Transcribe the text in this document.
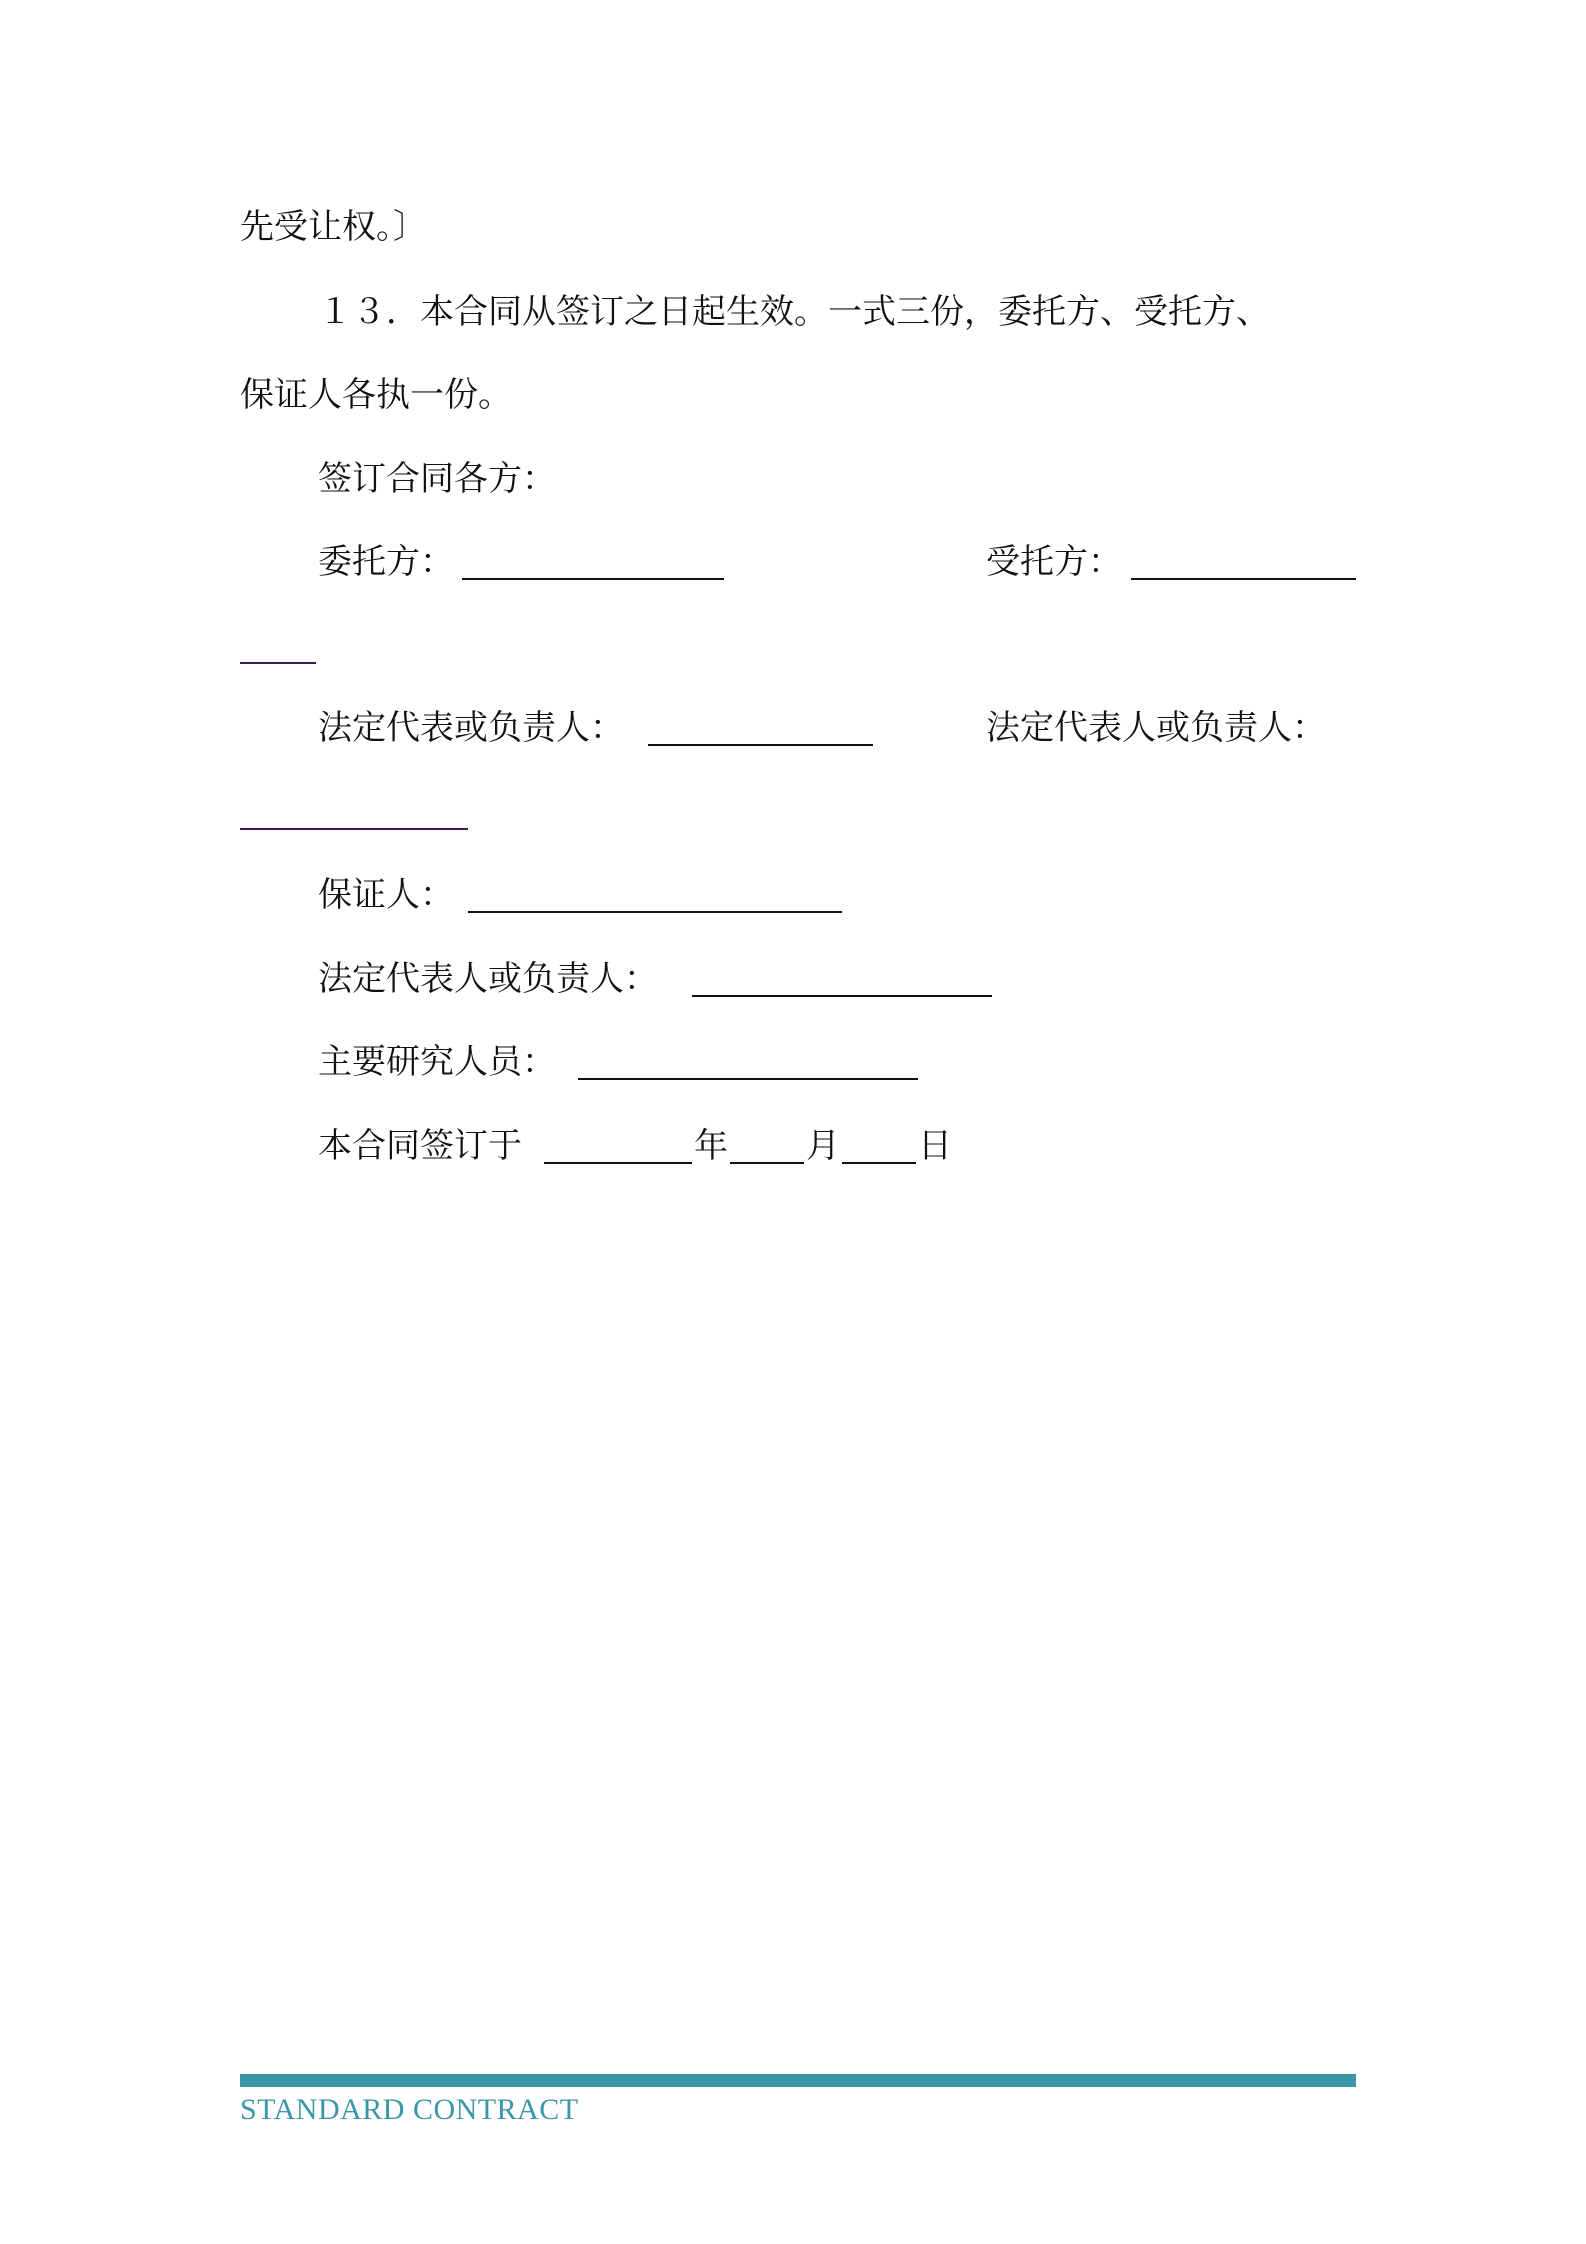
先受让权。〕
１３．本合同从签订之日起生效。一式三份，委托方、受托方、
保证人各执一份。
签订合同各方：
委托方：	受托方：
法定代表或负责人：	法定代表人或负责人：
保证人：
法定代表人或负责人：
主要研究人员：
本合同签订于	年 月 日
STANDARD CONTRACT
